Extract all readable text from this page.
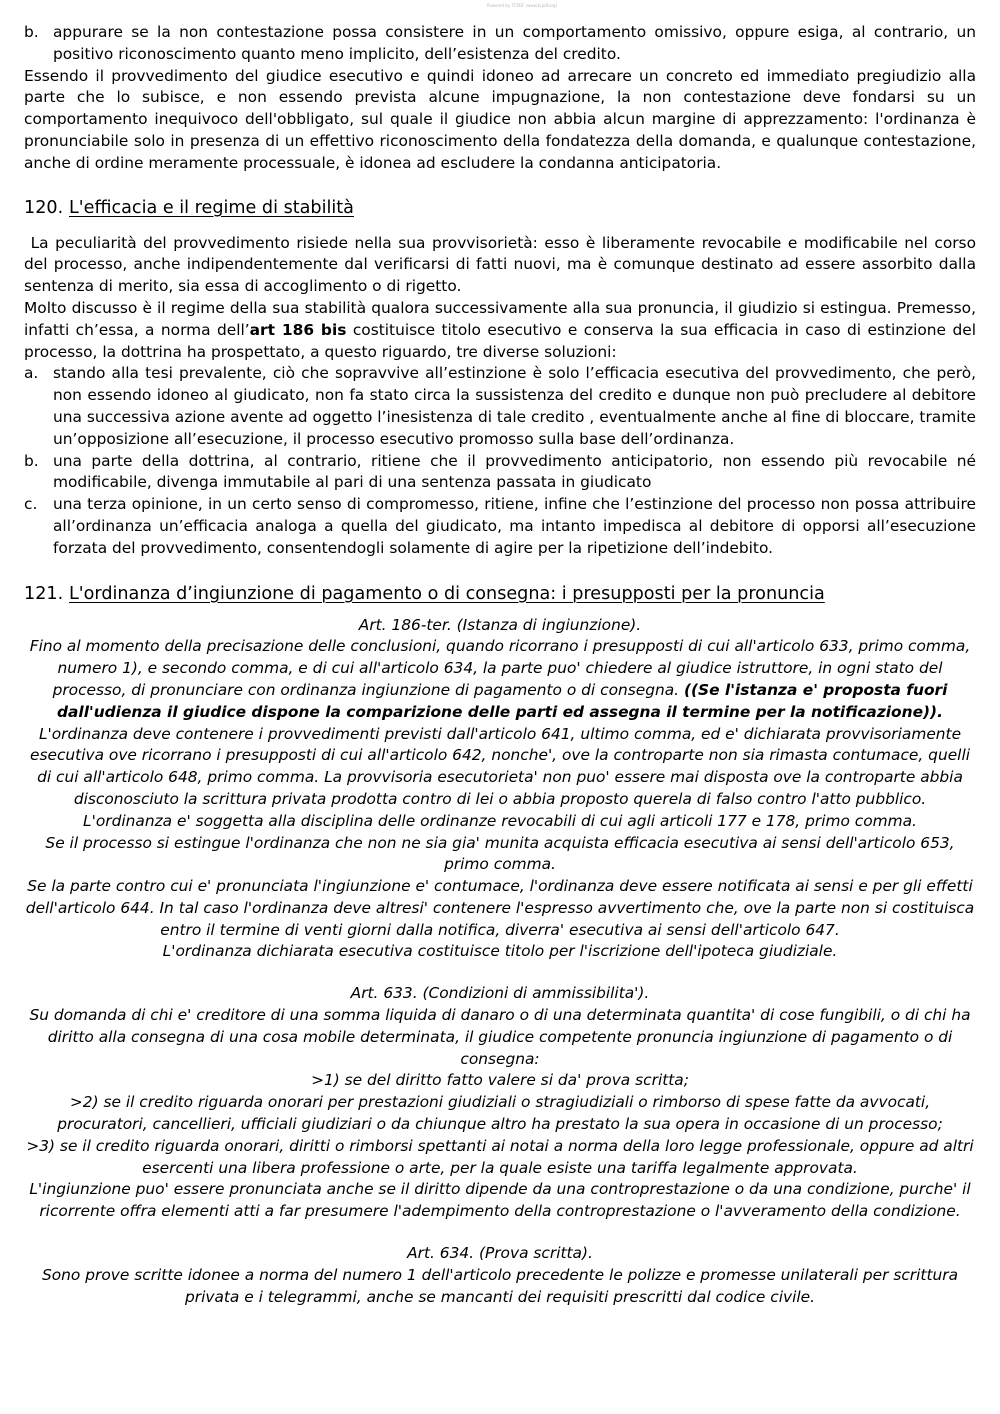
Powered by TCPDF (www.tcpdf.org)
b. appurare se la non contestazione possa consistere in un comportamento omissivo, oppure esiga, al contrario, un positivo riconoscimento quanto meno implicito, dell’esistenza del credito.

Essendo il provvedimento del giudice esecutivo e quindi idoneo ad arrecare un concreto ed immediato pregiudizio alla parte che lo subisce, e non essendo prevista alcune impugnazione, la non contestazione deve fondarsi su un comportamento inequivoco dell'obbligato, sul quale il giudice non abbia alcun margine di apprezzamento: l'ordinanza è pronunciabile solo in presenza di un effettivo riconoscimento della fondatezza della domanda, e qualunque contestazione, anche di ordine meramente processuale, è idonea ad escludere la condanna anticipatoria.

120. L'efficacia e il regime di stabilità

La peculiarità del provvedimento risiede nella sua provvisorietà: esso è liberamente revocabile e modificabile nel corso del processo, anche indipendentemente dal verificarsi di fatti nuovi, ma è comunque destinato ad essere assorbito dalla sentenza di merito, sia essa di accoglimento o di rigetto.

Molto discusso è il regime della sua stabilità qualora successivamente alla sua pronuncia, il giudizio si estingua. Premesso, infatti ch’essa, a norma dell’art 186 bis costituisce titolo esecutivo e conserva la sua efficacia in caso di estinzione del processo, la dottrina ha prospettato, a questo riguardo, tre diverse soluzioni:

a. stando alla tesi prevalente, ciò che sopravvive all’estinzione è solo l’efficacia esecutiva del provvedimento, che però, non essendo idoneo al giudicato, non fa stato circa la sussistenza del credito e dunque non può precludere al debitore una successiva azione avente ad oggetto l’inesistenza di tale credito , eventualmente anche al fine di bloccare, tramite un’opposizione all’esecuzione, il processo esecutivo promosso sulla base dell’ordinanza.
b. una parte della dottrina, al contrario, ritiene che il provvedimento anticipatorio, non essendo più revocabile né modificabile, divenga immutabile al pari di una sentenza passata in giudicato
c.	una terza opinione, in un certo senso di compromesso, ritiene, infine che l’estinzione del processo non possa attribuire all’ordinanza un’efficacia analoga a quella del giudicato, ma intanto impedisca al debitore di opporsi all’esecuzione forzata del provvedimento, consentendogli solamente di agire per la ripetizione dell’indebito.
121. L'ordinanza d’ingiunzione di pagamento o di consegna: i presupposti per la pronuncia

Art. 186-ter. (Istanza di ingiunzione).

Fino al momento della precisazione delle conclusioni, quando ricorrano i presupposti di cui all'articolo 633, primo comma, numero 1), e secondo comma, e di cui all'articolo 634, la parte puo' chiedere al giudice istruttore, in ogni stato del processo, di pronunciare con ordinanza ingiunzione di pagamento o di consegna. ((Se l'istanza e' proposta fuori dall'udienza il giudice dispone la comparizione delle parti ed assegna il termine per la notificazione)).

L'ordinanza deve contenere i provvedimenti previsti dall'articolo 641, ultimo comma, ed e' dichiarata provvisoriamente esecutiva ove ricorrano i presupposti di cui all'articolo 642, nonche', ove la controparte non sia rimasta contumace, quelli di cui all'articolo 648, primo comma. La provvisoria esecutorieta' non puo' essere mai disposta ove la controparte abbia disconosciuto la scrittura privata prodotta contro di lei o abbia proposto querela di falso contro l'atto pubblico.

L'ordinanza e' soggetta alla disciplina delle ordinanze revocabili di cui agli articoli 177 e 178, primo comma.

Se il processo si estingue l'ordinanza che non ne sia gia' munita acquista efficacia esecutiva ai sensi dell'articolo 653, primo comma.

Se la parte contro cui e' pronunciata l'ingiunzione e' contumace, l'ordinanza deve essere notificata ai sensi e per gli effetti dell'articolo 644. In tal caso l'ordinanza deve altresi' contenere l'espresso avvertimento che, ove la parte non si costituisca entro il termine di venti giorni dalla notifica, diverra' esecutiva ai sensi dell'articolo 647.

L'ordinanza dichiarata esecutiva costituisce titolo per l'iscrizione dell'ipoteca giudiziale.

Art. 633. (Condizioni di ammissibilita').

Su domanda di chi e' creditore di una somma liquida di danaro o di una determinata quantita' di cose fungibili, o di chi ha diritto alla consegna di una cosa mobile determinata, il giudice competente pronuncia ingiunzione di pagamento o di consegna:

>1) se del diritto fatto valere si da' prova scritta;

>2) se il credito riguarda onorari per prestazioni giudiziali o stragiudiziali o rimborso di spese fatte da avvocati, procuratori, cancellieri, ufficiali giudiziari o da chiunque altro ha prestato la sua opera in occasione di un processo;

>3) se il credito riguarda onorari, diritti o rimborsi spettanti ai notai a norma della loro legge professionale, oppure ad altri esercenti una libera professione o arte, per la quale esiste una tariffa legalmente approvata.

L'ingiunzione puo' essere pronunciata anche se il diritto dipende da una controprestazione o da una condizione, purche' il ricorrente offra elementi atti a far presumere l'adempimento della controprestazione o l'avveramento della condizione.

Art. 634. (Prova scritta).

Sono prove scritte idonee a norma del numero 1 dell'articolo precedente le polizze e promesse unilaterali per scrittura privata e i telegrammi, anche se mancanti dei requisiti prescritti dal codice civile.
